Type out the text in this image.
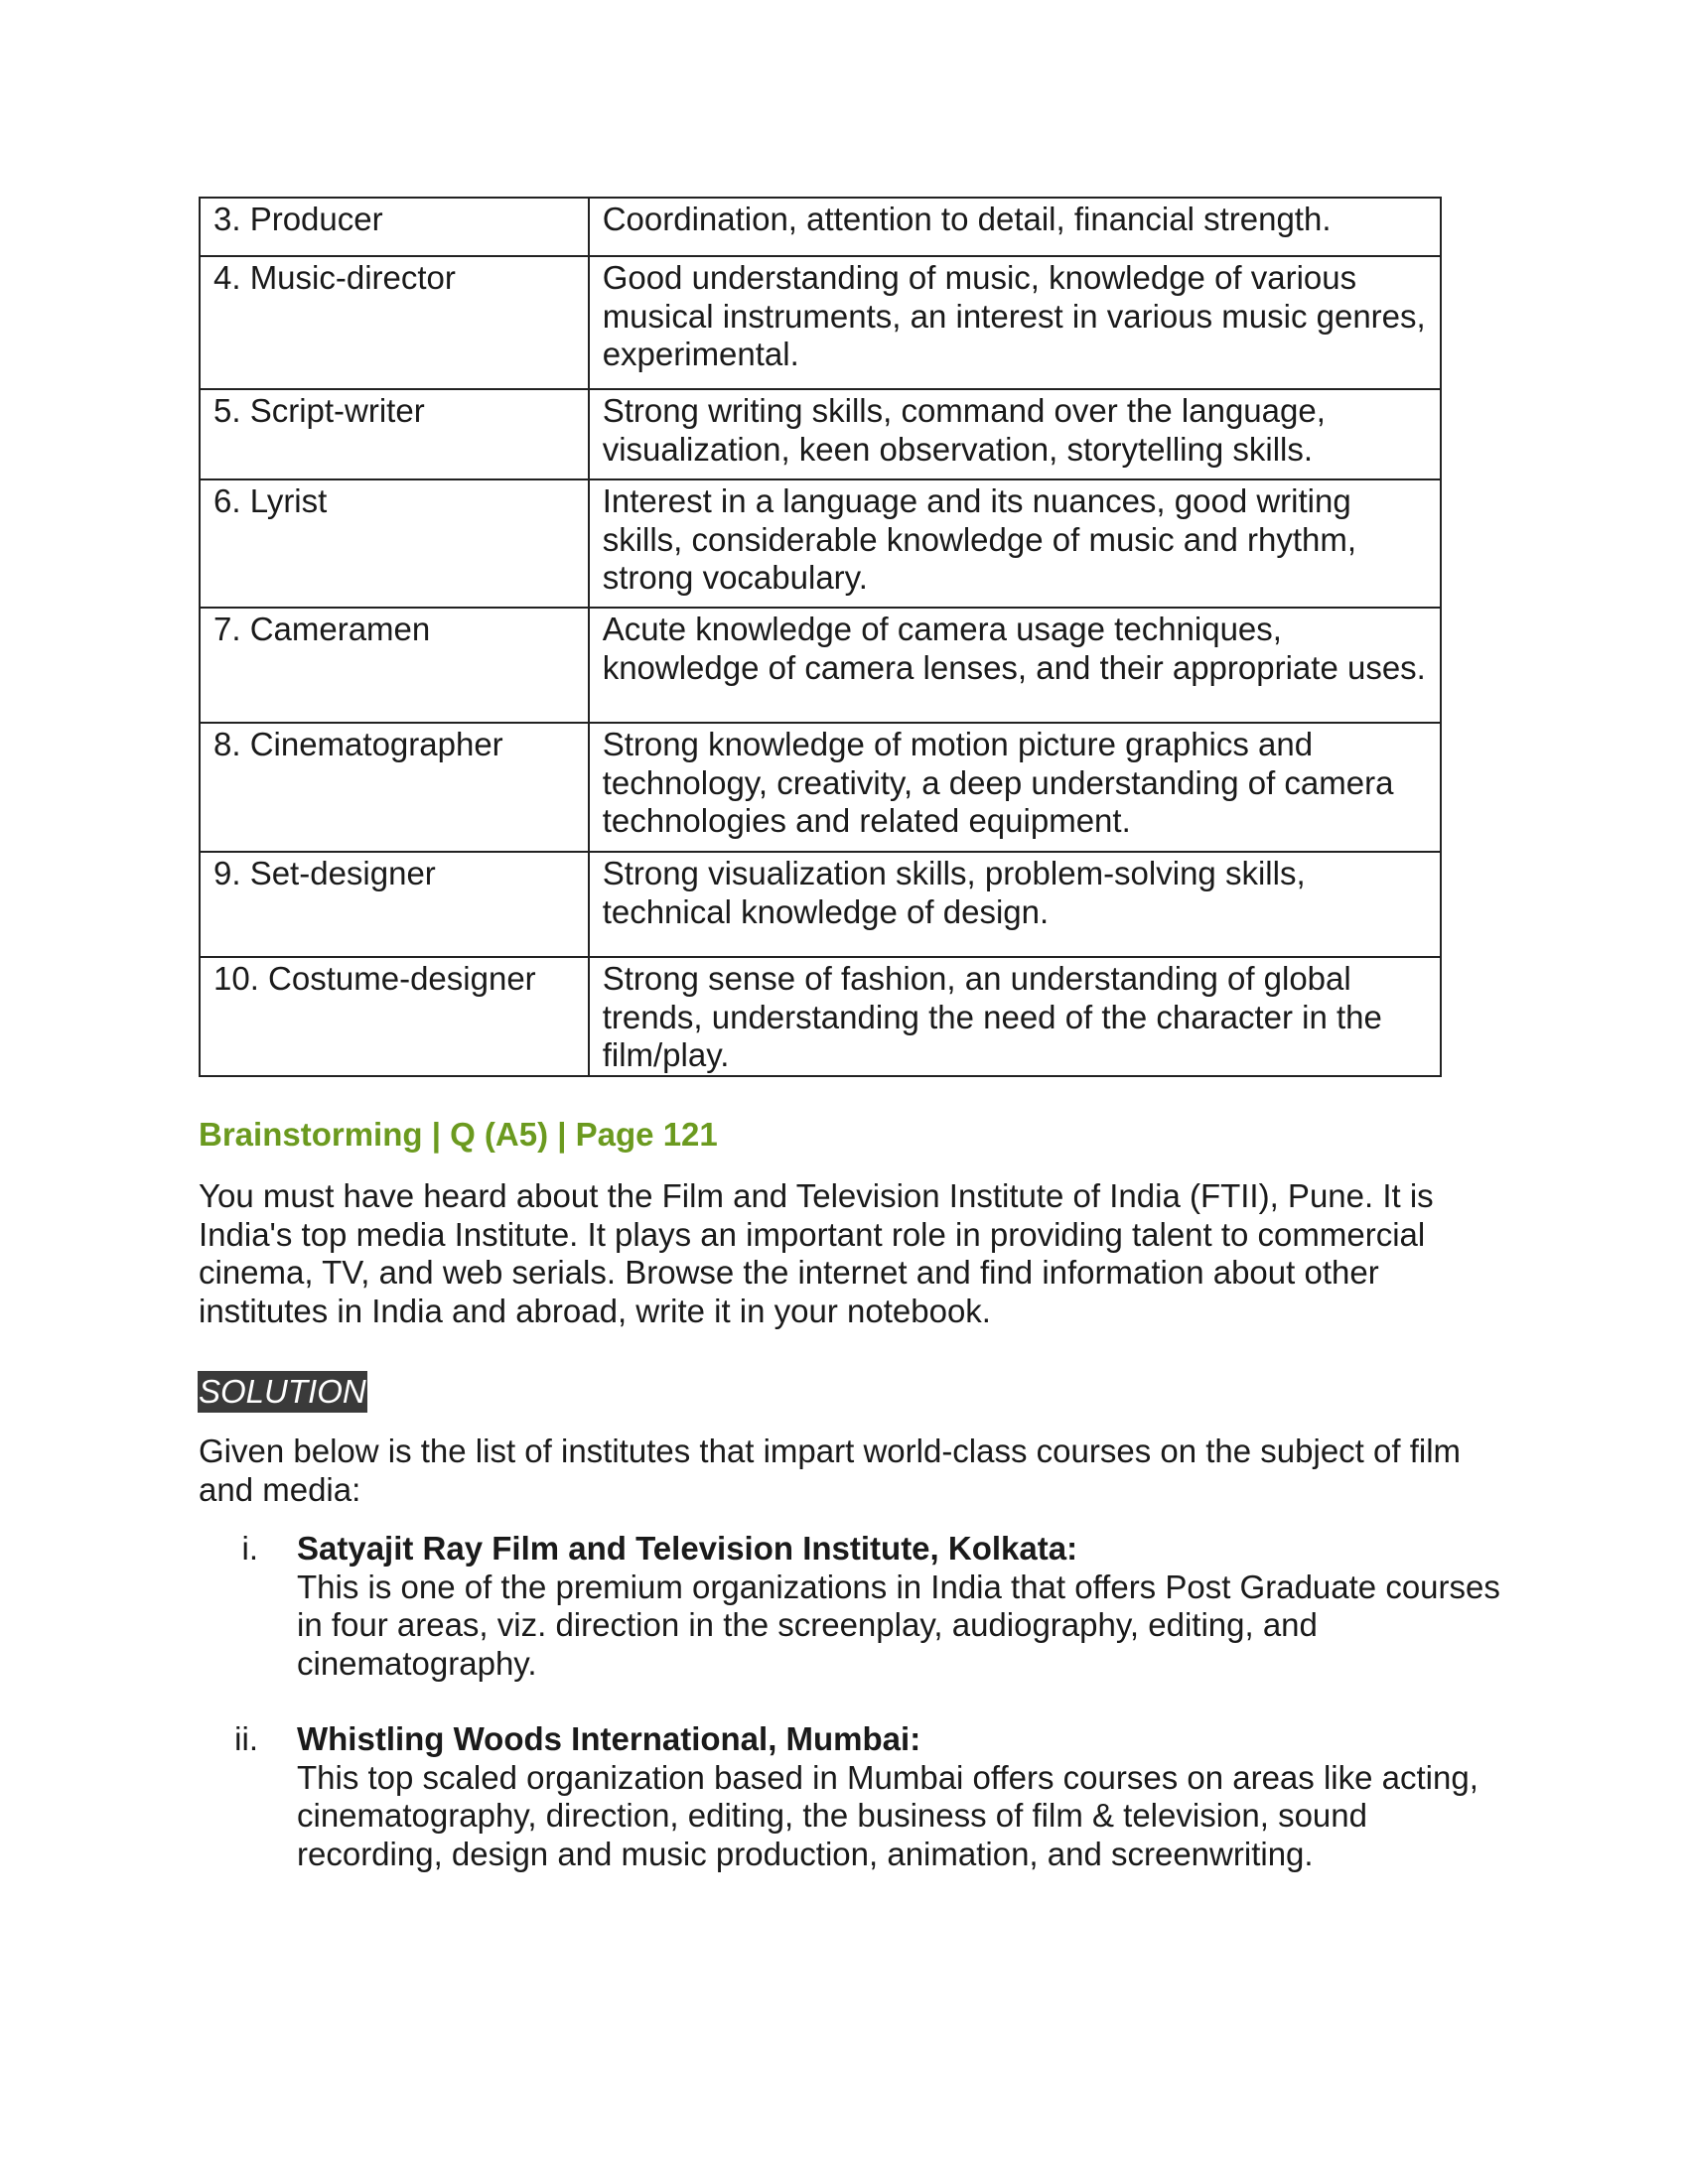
3. Producer	Coordination, attention to detail, financial strength.
4. Music-director	Good understanding of music, knowledge of various musical instruments, an interest in various music genres, experimental.
5. Script-writer	Strong writing skills, command over the language, visualization, keen observation, storytelling skills.
6. Lyrist	Interest in a language and its nuances, good writing skills, considerable knowledge of music and rhythm, strong vocabulary.
7. Cameramen	Acute knowledge of camera usage techniques, knowledge of camera lenses, and their appropriate uses.
8. Cinematographer	Strong knowledge of motion picture graphics and technology, creativity, a deep understanding of camera technologies and related equipment.
9. Set-designer	Strong visualization skills, problem-solving skills, technical knowledge of design.
10. Costume-designer	Strong sense of fashion, an understanding of global trends, understanding the need of the character in the film/play.
Brainstorming | Q (A5) | Page 121
You must have heard about the Film and Television Institute of India (FTII), Pune. It is India's top media Institute. It plays an important role in providing talent to commercial cinema, TV, and web serials. Browse the internet and find information about other institutes in India and abroad, write it in your notebook.
SOLUTION
Given below is the list of institutes that impart world-class courses on the subject of film and media:
i. Satyajit Ray Film and Television Institute, Kolkata:
This is one of the premium organizations in India that offers Post Graduate courses in four areas, viz. direction in the screenplay, audiography, editing, and cinematography.
ii. Whistling Woods International, Mumbai:
This top scaled organization based in Mumbai offers courses on areas like acting, cinematography, direction, editing, the business of film & television, sound recording, design and music production, animation, and screenwriting.
